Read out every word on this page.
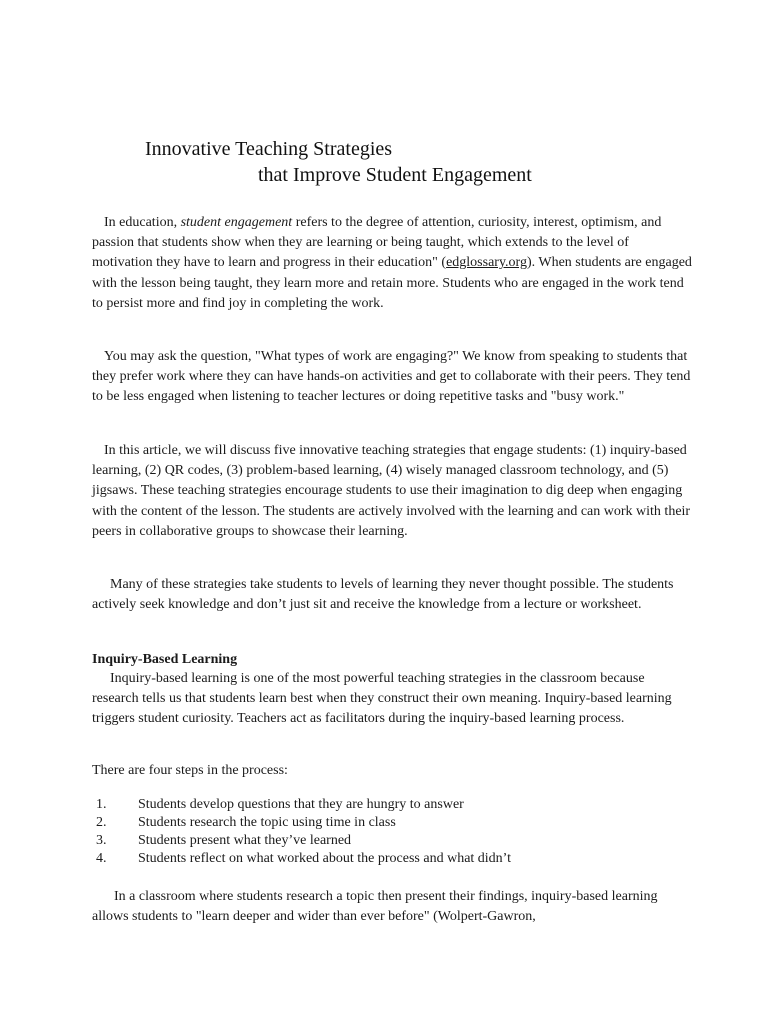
Innovative Teaching Strategies
that Improve Student Engagement

In education, student engagement refers to the degree of attention, curiosity, interest, optimism, and passion that students show when they are learning or being taught, which extends to the level of motivation they have to learn and progress in their education" (edglossary.org). When students are engaged with the lesson being taught, they learn more and retain more. Students who are engaged in the work tend to persist more and find joy in completing the work.

You may ask the question, "What types of work are engaging?" We know from speaking to students that they prefer work where they can have hands-on activities and get to collaborate with their peers. They tend to be less engaged when listening to teacher lectures or doing repetitive tasks and "busy work."

In this article, we will discuss five innovative teaching strategies that engage students: (1) inquiry-based learning, (2) QR codes, (3) problem-based learning, (4) wisely managed classroom technology, and (5) jigsaws. These teaching strategies encourage students to use their imagination to dig deep when engaging with the content of the lesson. The students are actively involved with the learning and can work with their peers in collaborative groups to showcase their learning.

Many of these strategies take students to levels of learning they never thought possible. The students actively seek knowledge and don’t just sit and receive the knowledge from a lecture or worksheet.

Inquiry-Based Learning

Inquiry-based learning is one of the most powerful teaching strategies in the classroom because research tells us that students learn best when they construct their own meaning. Inquiry-based learning triggers student curiosity. Teachers act as facilitators during the inquiry-based learning process.

There are four steps in the process:
1. Students develop questions that they are hungry to answer
2. Students research the topic using time in class
3. Students present what they’ve learned
4. Students reflect on what worked about the process and what didn’t

In a classroom where students research a topic then present their findings, inquiry-based learning allows students to "learn deeper and wider than ever before" (Wolpert-Gawron,
